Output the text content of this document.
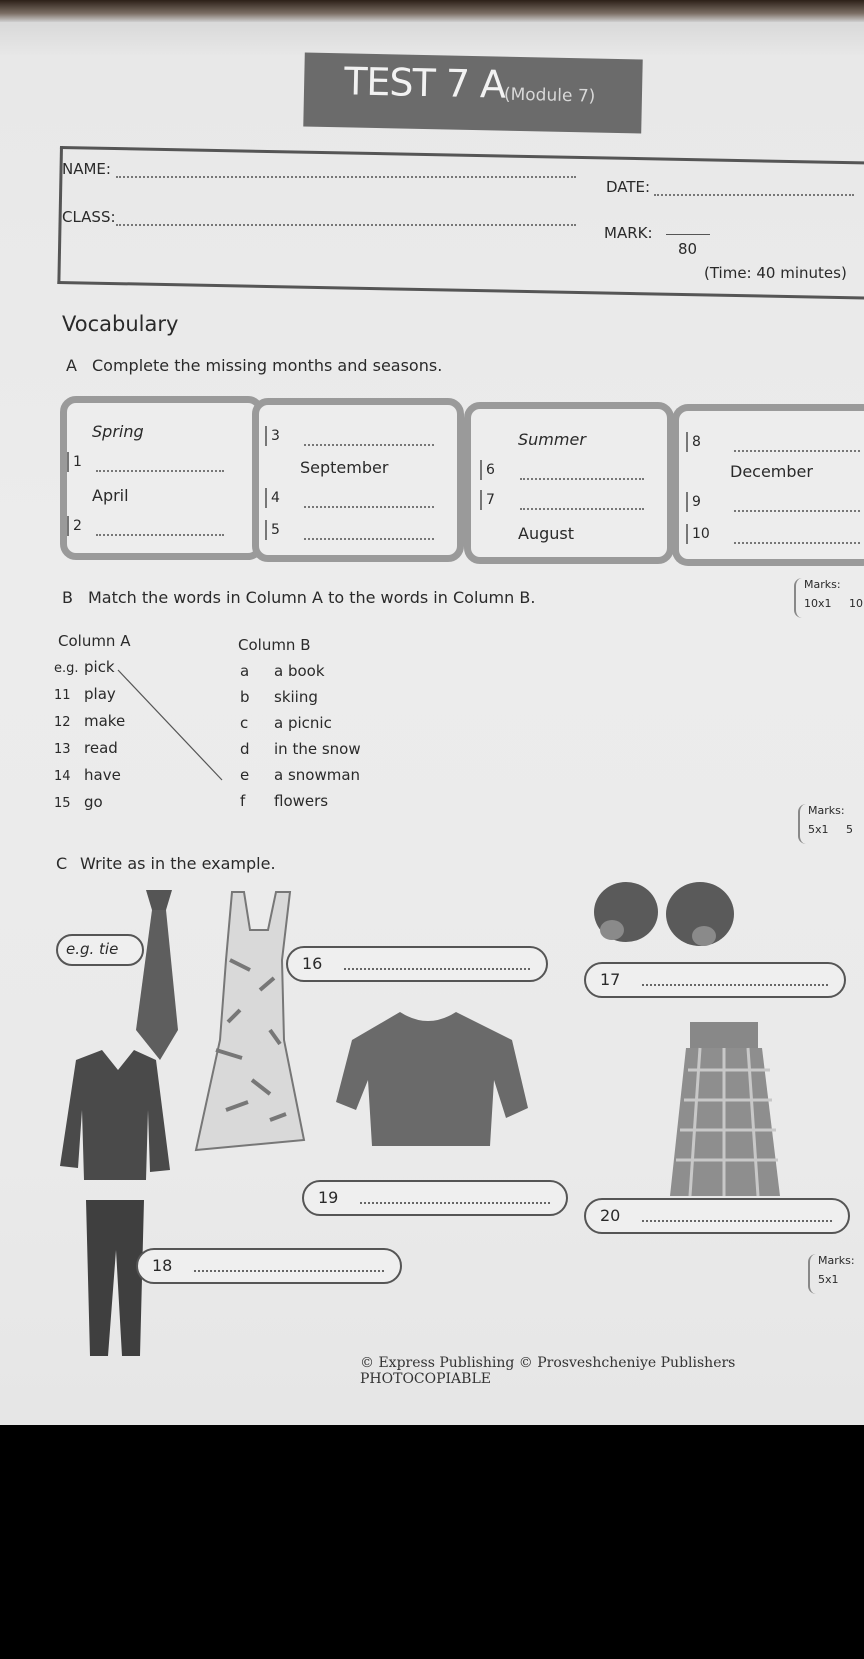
TEST 7 A
(Module 7)
NAME:
CLASS:
DATE:
MARK:
80
(Time: 40 minutes)
Vocabulary
A Complete the missing months and seasons.
Spring
1
April
2
3
September
4
5
Summer
6
7
August
8
December
9
10
Marks:
10x1 10
B Match the words in Column A to the words in Column B.
Column A	Column B
e.g. pick
11 play
12 make
13 read
14 have
15 go
a a book
b skiing
c a picnic
d in the snow
e a snowman
f flowers
Marks:
5x1 5
C Write as in the example.
e.g. tie
16
17
18
19
20
Marks:
5x1
© Express Publishing © Prosveshcheniye Publishers PHOTOCOPIABLE
